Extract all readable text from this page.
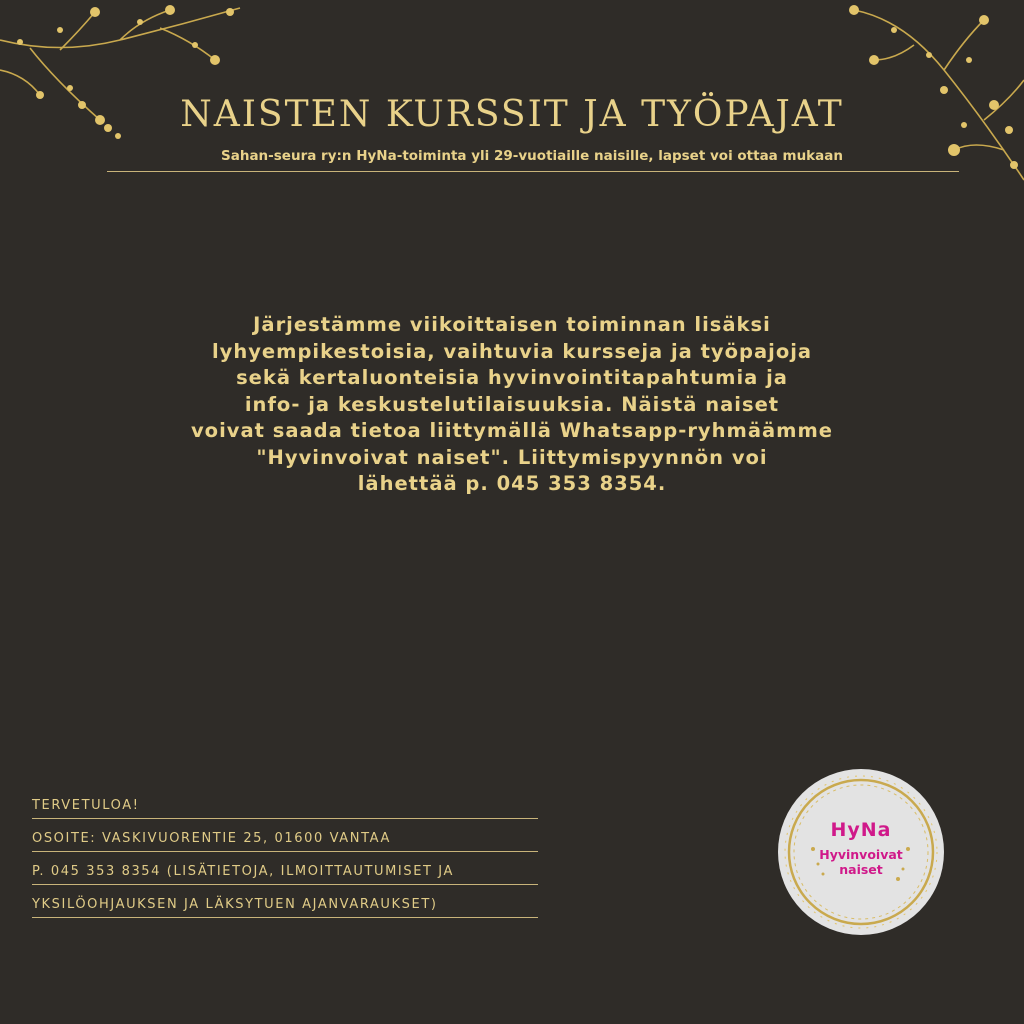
NAISTEN KURSSIT JA TYÖPAJAT
Sahan-seura ry:n HyNa-toiminta yli 29-vuotiaille naisille, lapset voi ottaa mukaan
Järjestämme viikoittaisen toiminnan lisäksi
lyhyempikestoisia, vaihtuvia kursseja ja työpajoja
sekä kertaluonteisia hyvinvointitapahtumia ja
info- ja keskustelutilaisuuksia. Näistä naiset
voivat saada tietoa liittymällä Whatsapp-ryhmäämme
"Hyvinvoivat naiset". Liittymispyynnön voi
lähettää p. 045 353 8354.
TERVETULOA!
OSOITE: VASKIVUORENTIE 25, 01600 VANTAA
P. 045 353 8354 (LISÄTIETOJA, ILMOITTAUTUMISET JA
YKSILÖOHJAUKSEN JA LÄKSYTUEN AJANVARAUKSET)
HyNa
Hyvinvoivat
naiset
